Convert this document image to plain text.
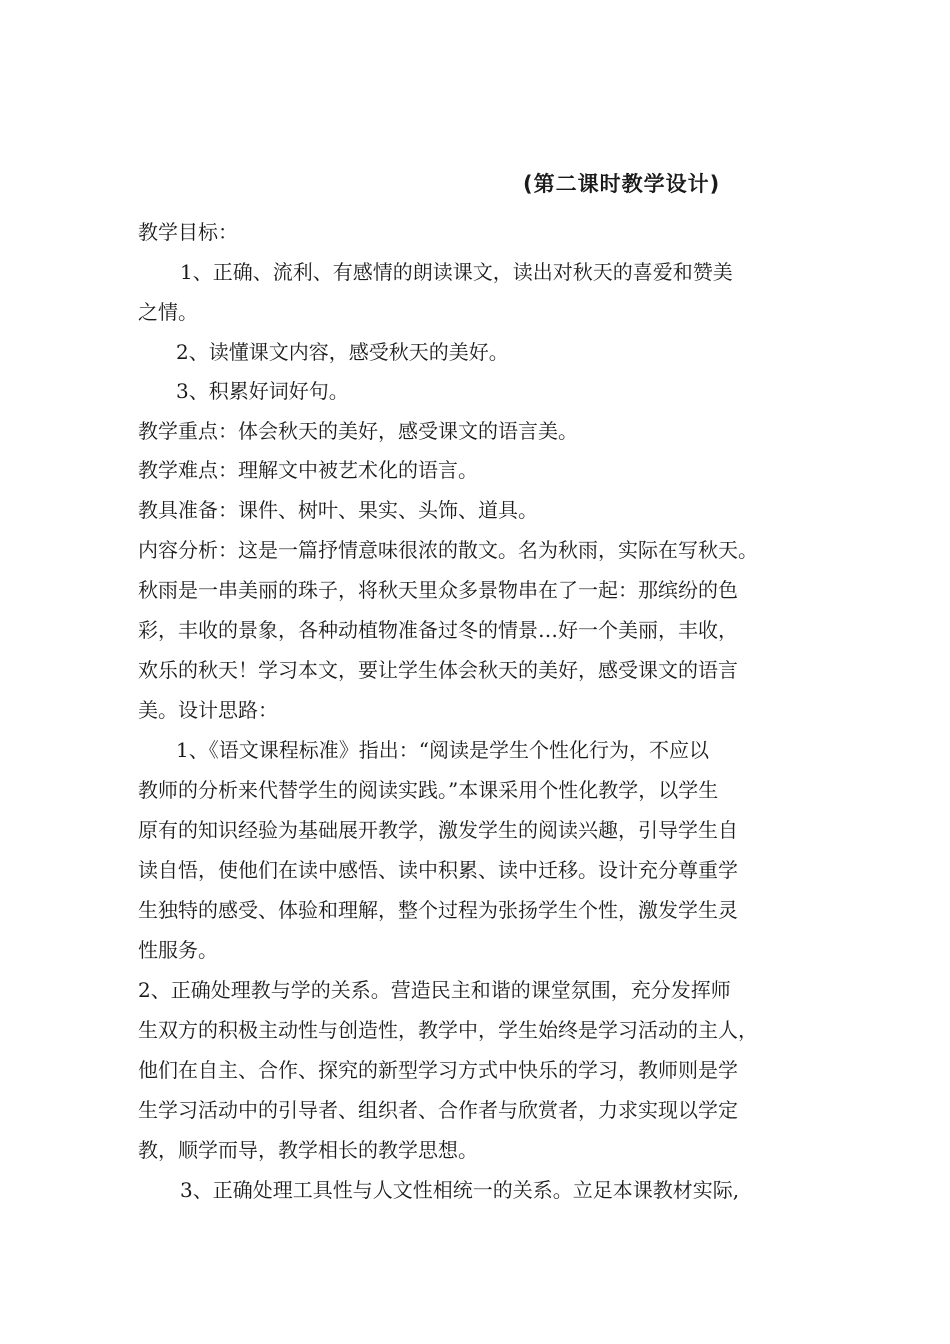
(第二课时教学设计)
教学目标：
1、正确、流利、有感情的朗读课文，读出对秋天的喜爱和赞美
之情。
2、读懂课文内容，感受秋天的美好。
3、积累好词好句。
教学重点：体会秋天的美好，感受课文的语言美。
教学难点：理解文中被艺术化的语言。
教具准备：课件、树叶、果实、头饰、道具。
内容分析：这是一篇抒情意味很浓的散文。名为秋雨，实际在写秋天。
秋雨是一串美丽的珠子，将秋天里众多景物串在了一起：那缤纷的色
彩，丰收的景象，各种动植物准备过冬的情景…好一个美丽，丰收，
欢乐的秋天！学习本文，要让学生体会秋天的美好，感受课文的语言
美。设计思路：
1、《语文课程标准》指出：“阅读是学生个性化行为，不应以
教师的分析来代替学生的阅读实践。”本课采用个性化教学，以学生
原有的知识经验为基础展开教学，激发学生的阅读兴趣，引导学生自
读自悟，使他们在读中感悟、读中积累、读中迁移。设计充分尊重学
生独特的感受、体验和理解，整个过程为张扬学生个性，激发学生灵
性服务。
2、正确处理教与学的关系。营造民主和谐的课堂氛围，充分发挥师
生双方的积极主动性与创造性，教学中，学生始终是学习活动的主人，
他们在自主、合作、探究的新型学习方式中快乐的学习，教师则是学
生学习活动中的引导者、组织者、合作者与欣赏者，力求实现以学定
教，顺学而导，教学相长的教学思想。
3、正确处理工具性与人文性相统一的关系。立足本课教材实际,
